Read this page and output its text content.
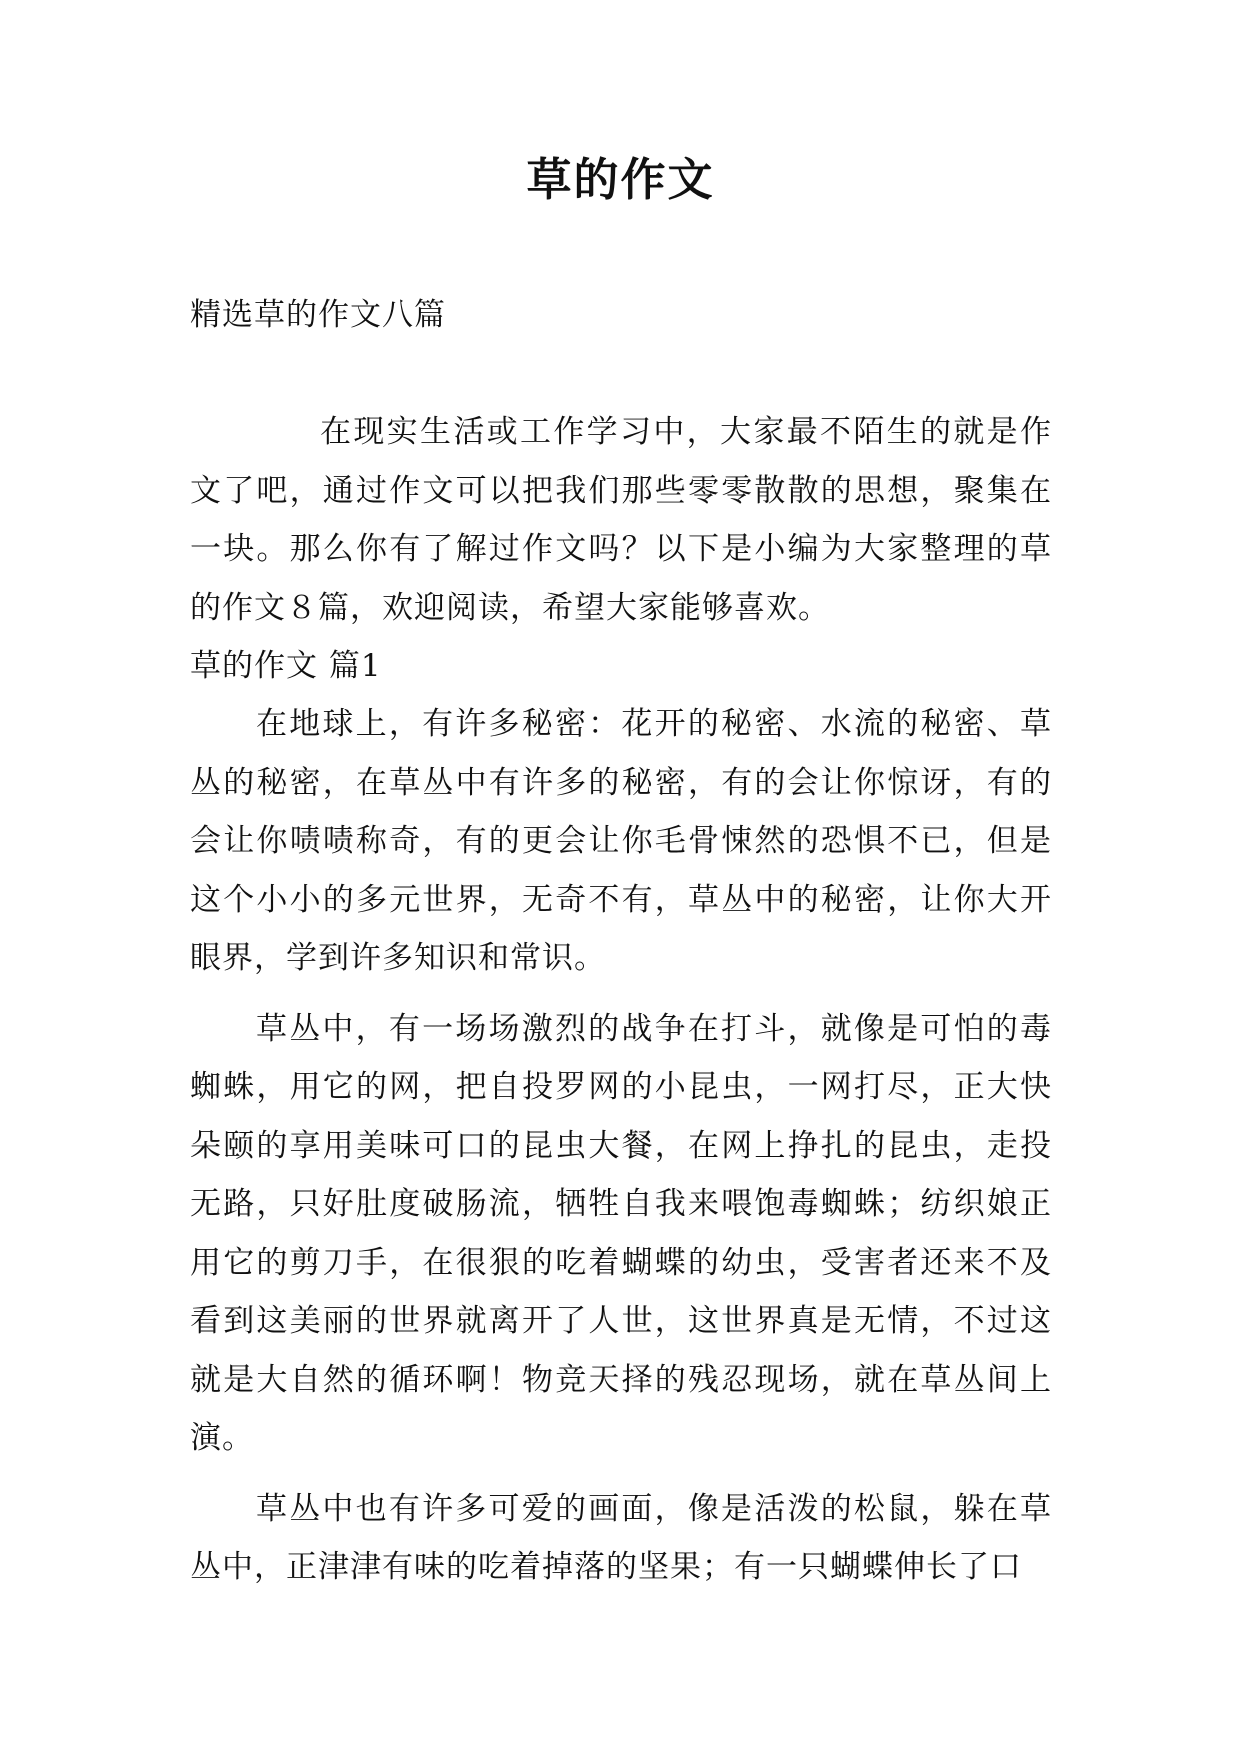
草的作文
精选草的作文八篇

在现实生活或工作学习中，大家最不陌生的就是作文了吧，通过作文可以把我们那些零零散散的思想，聚集在一块。那么你有了解过作文吗？以下是小编为大家整理的草的作文８篇，欢迎阅读，希望大家能够喜欢。

草的作文 篇1

在地球上，有许多秘密：花开的秘密、水流的秘密、草丛的秘密，在草丛中有许多的秘密，有的会让你惊讶，有的会让你啧啧称奇，有的更会让你毛骨悚然的恐惧不已，但是这个小小的多元世界，无奇不有，草丛中的秘密，让你大开眼界，学到许多知识和常识。

草丛中，有一场场激烈的战争在打斗，就像是可怕的毒蜘蛛，用它的网，把自投罗网的小昆虫，一网打尽，正大快朵颐的享用美味可口的昆虫大餐，在网上挣扎的昆虫，走投无路，只好肚度破肠流，牺牲自我来喂饱毒蜘蛛；纺织娘正用它的剪刀手，在很狠的吃着蝴蝶的幼虫，受害者还来不及看到这美丽的世界就离开了人世，这世界真是无情，不过这就是大自然的循环啊！物竞天择的残忍现场，就在草丛间上演。

草丛中也有许多可爱的画面，像是活泼的松鼠，躲在草丛中，正津津有味的吃着掉落的坚果；有一只蝴蝶伸长了口
